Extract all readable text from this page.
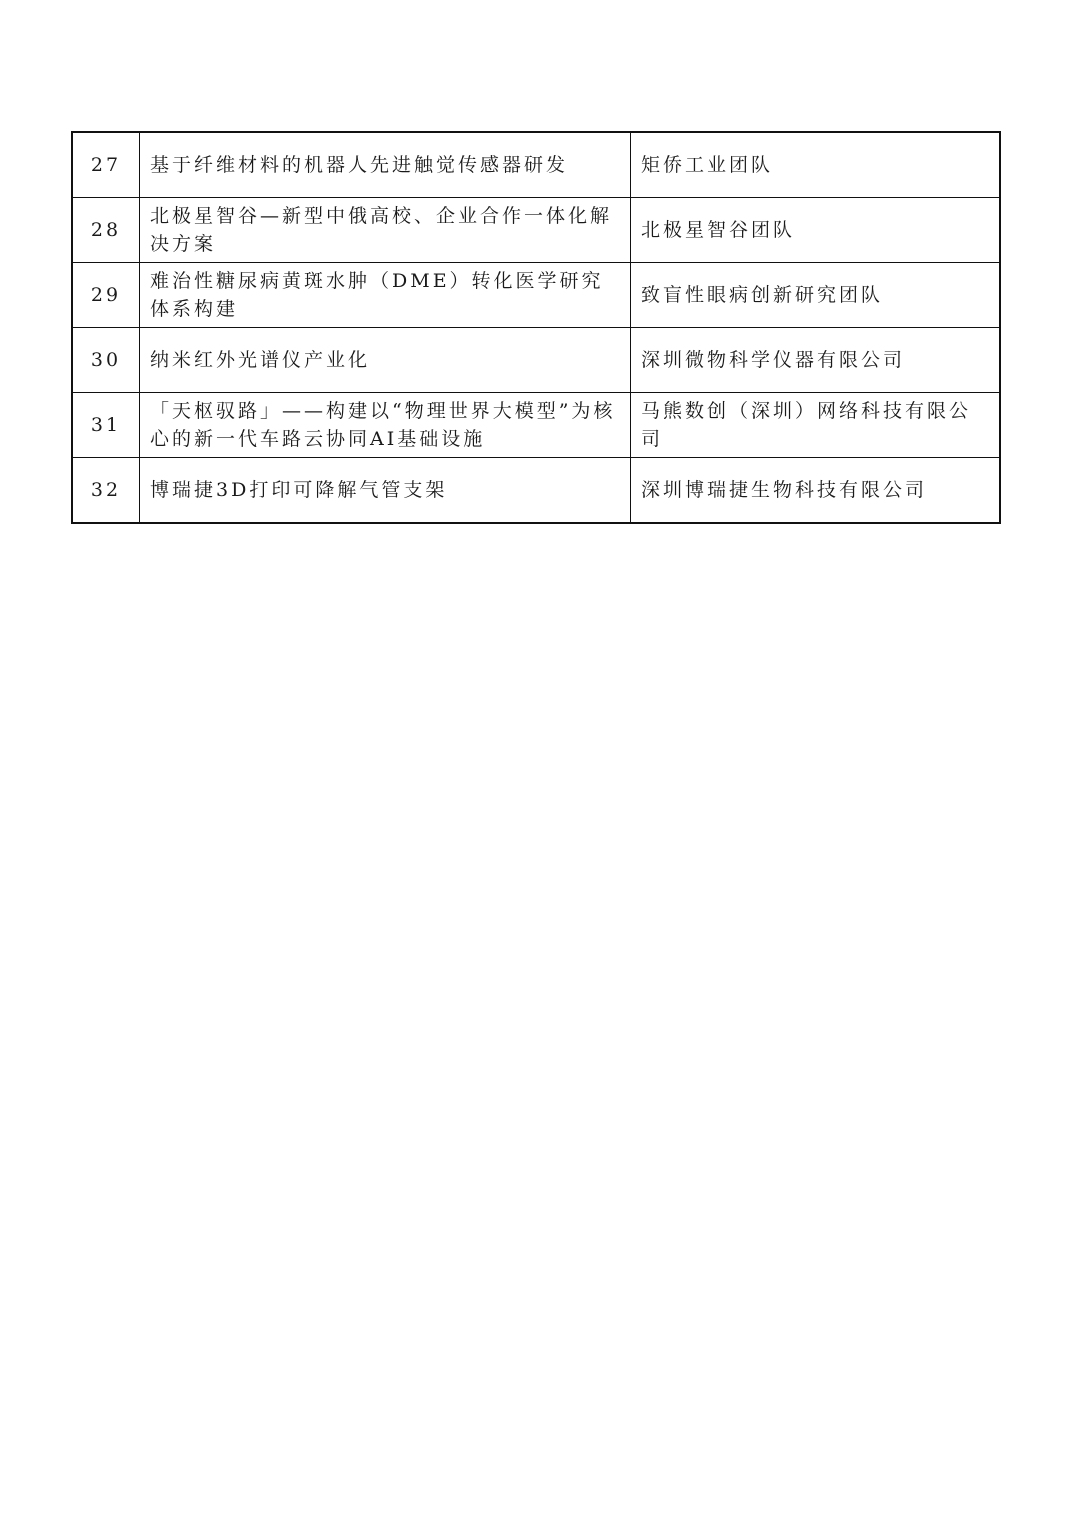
27	基于纤维材料的机器人先进触觉传感器研发	矩侨工业团队
28	北极星智谷—新型中俄高校、企业合作一体化解决方案	北极星智谷团队
29	难治性糖尿病黄斑水肿（DME）转化医学研究体系构建	致盲性眼病创新研究团队
30	纳米红外光谱仪产业化	深圳微物科学仪器有限公司
31	「天枢驭路」——构建以“物理世界大模型”为核心的新一代车路云协同AI基础设施	马熊数创（深圳）网络科技有限公司
32	博瑞捷3D打印可降解气管支架	深圳博瑞捷生物科技有限公司
